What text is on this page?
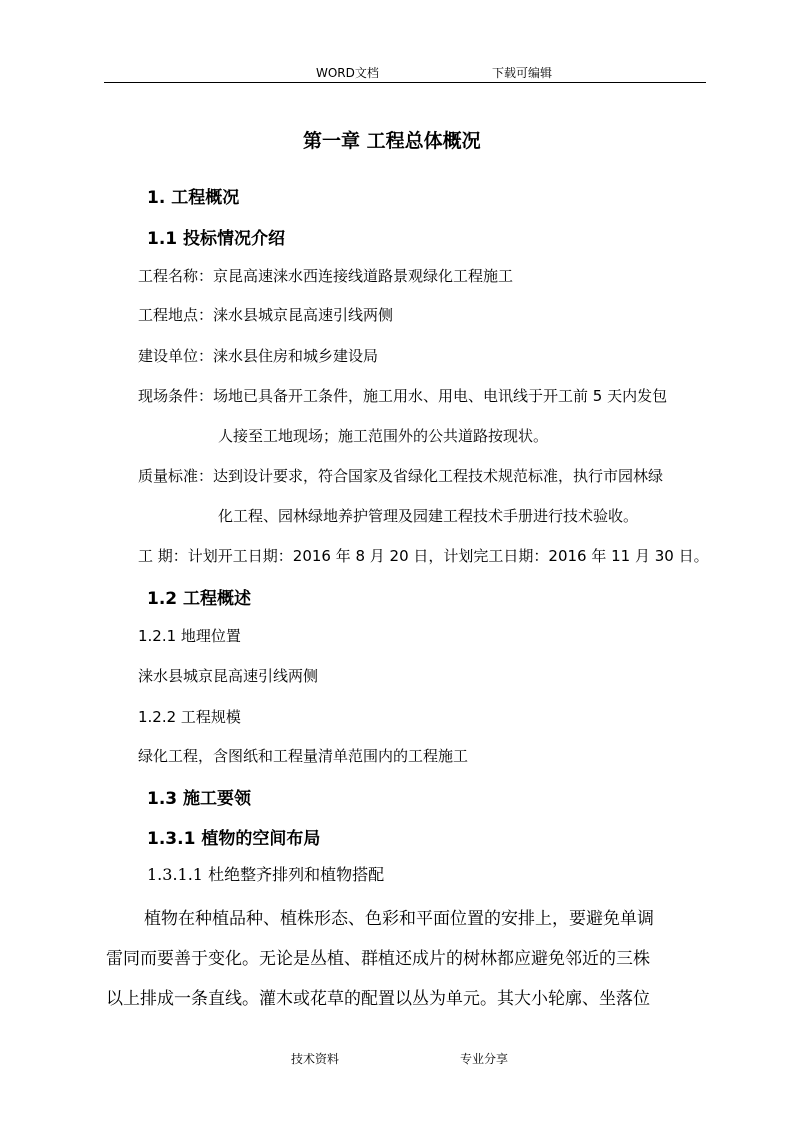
WORD文档	下载可编辑
第一章 工程总体概况
1. 工程概况
1.1 投标情况介绍
工程名称：京昆高速涞水西连接线道路景观绿化工程施工
工程地点：涞水县城京昆高速引线两侧
建设单位：涞水县住房和城乡建设局
现场条件：场地已具备开工条件，施工用水、用电、电讯线于开工前 5 天内发包
人接至工地现场；施工范围外的公共道路按现状。
质量标准：达到设计要求，符合国家及省绿化工程技术规范标准，执行市园林绿
化工程、园林绿地养护管理及园建工程技术手册进行技术验收。
工 期：计划开工日期：2016 年 8 月 20 日，计划完工日期：2016 年 11 月 30 日。
1.2 工程概述
1.2.1 地理位置
涞水县城京昆高速引线两侧
1.2.2 工程规模
绿化工程，含图纸和工程量清单范围内的工程施工
1.3 施工要领
1.3.1 植物的空间布局
1.3.1.1 杜绝整齐排列和植物搭配
植物在种植品种、植株形态、色彩和平面位置的安排上，要避免单调
雷同而要善于变化。无论是丛植、群植还成片的树林都应避免邻近的三株
以上排成一条直线。灌木或花草的配置以丛为单元。其大小轮廓、坐落位
技术资料	专业分享
